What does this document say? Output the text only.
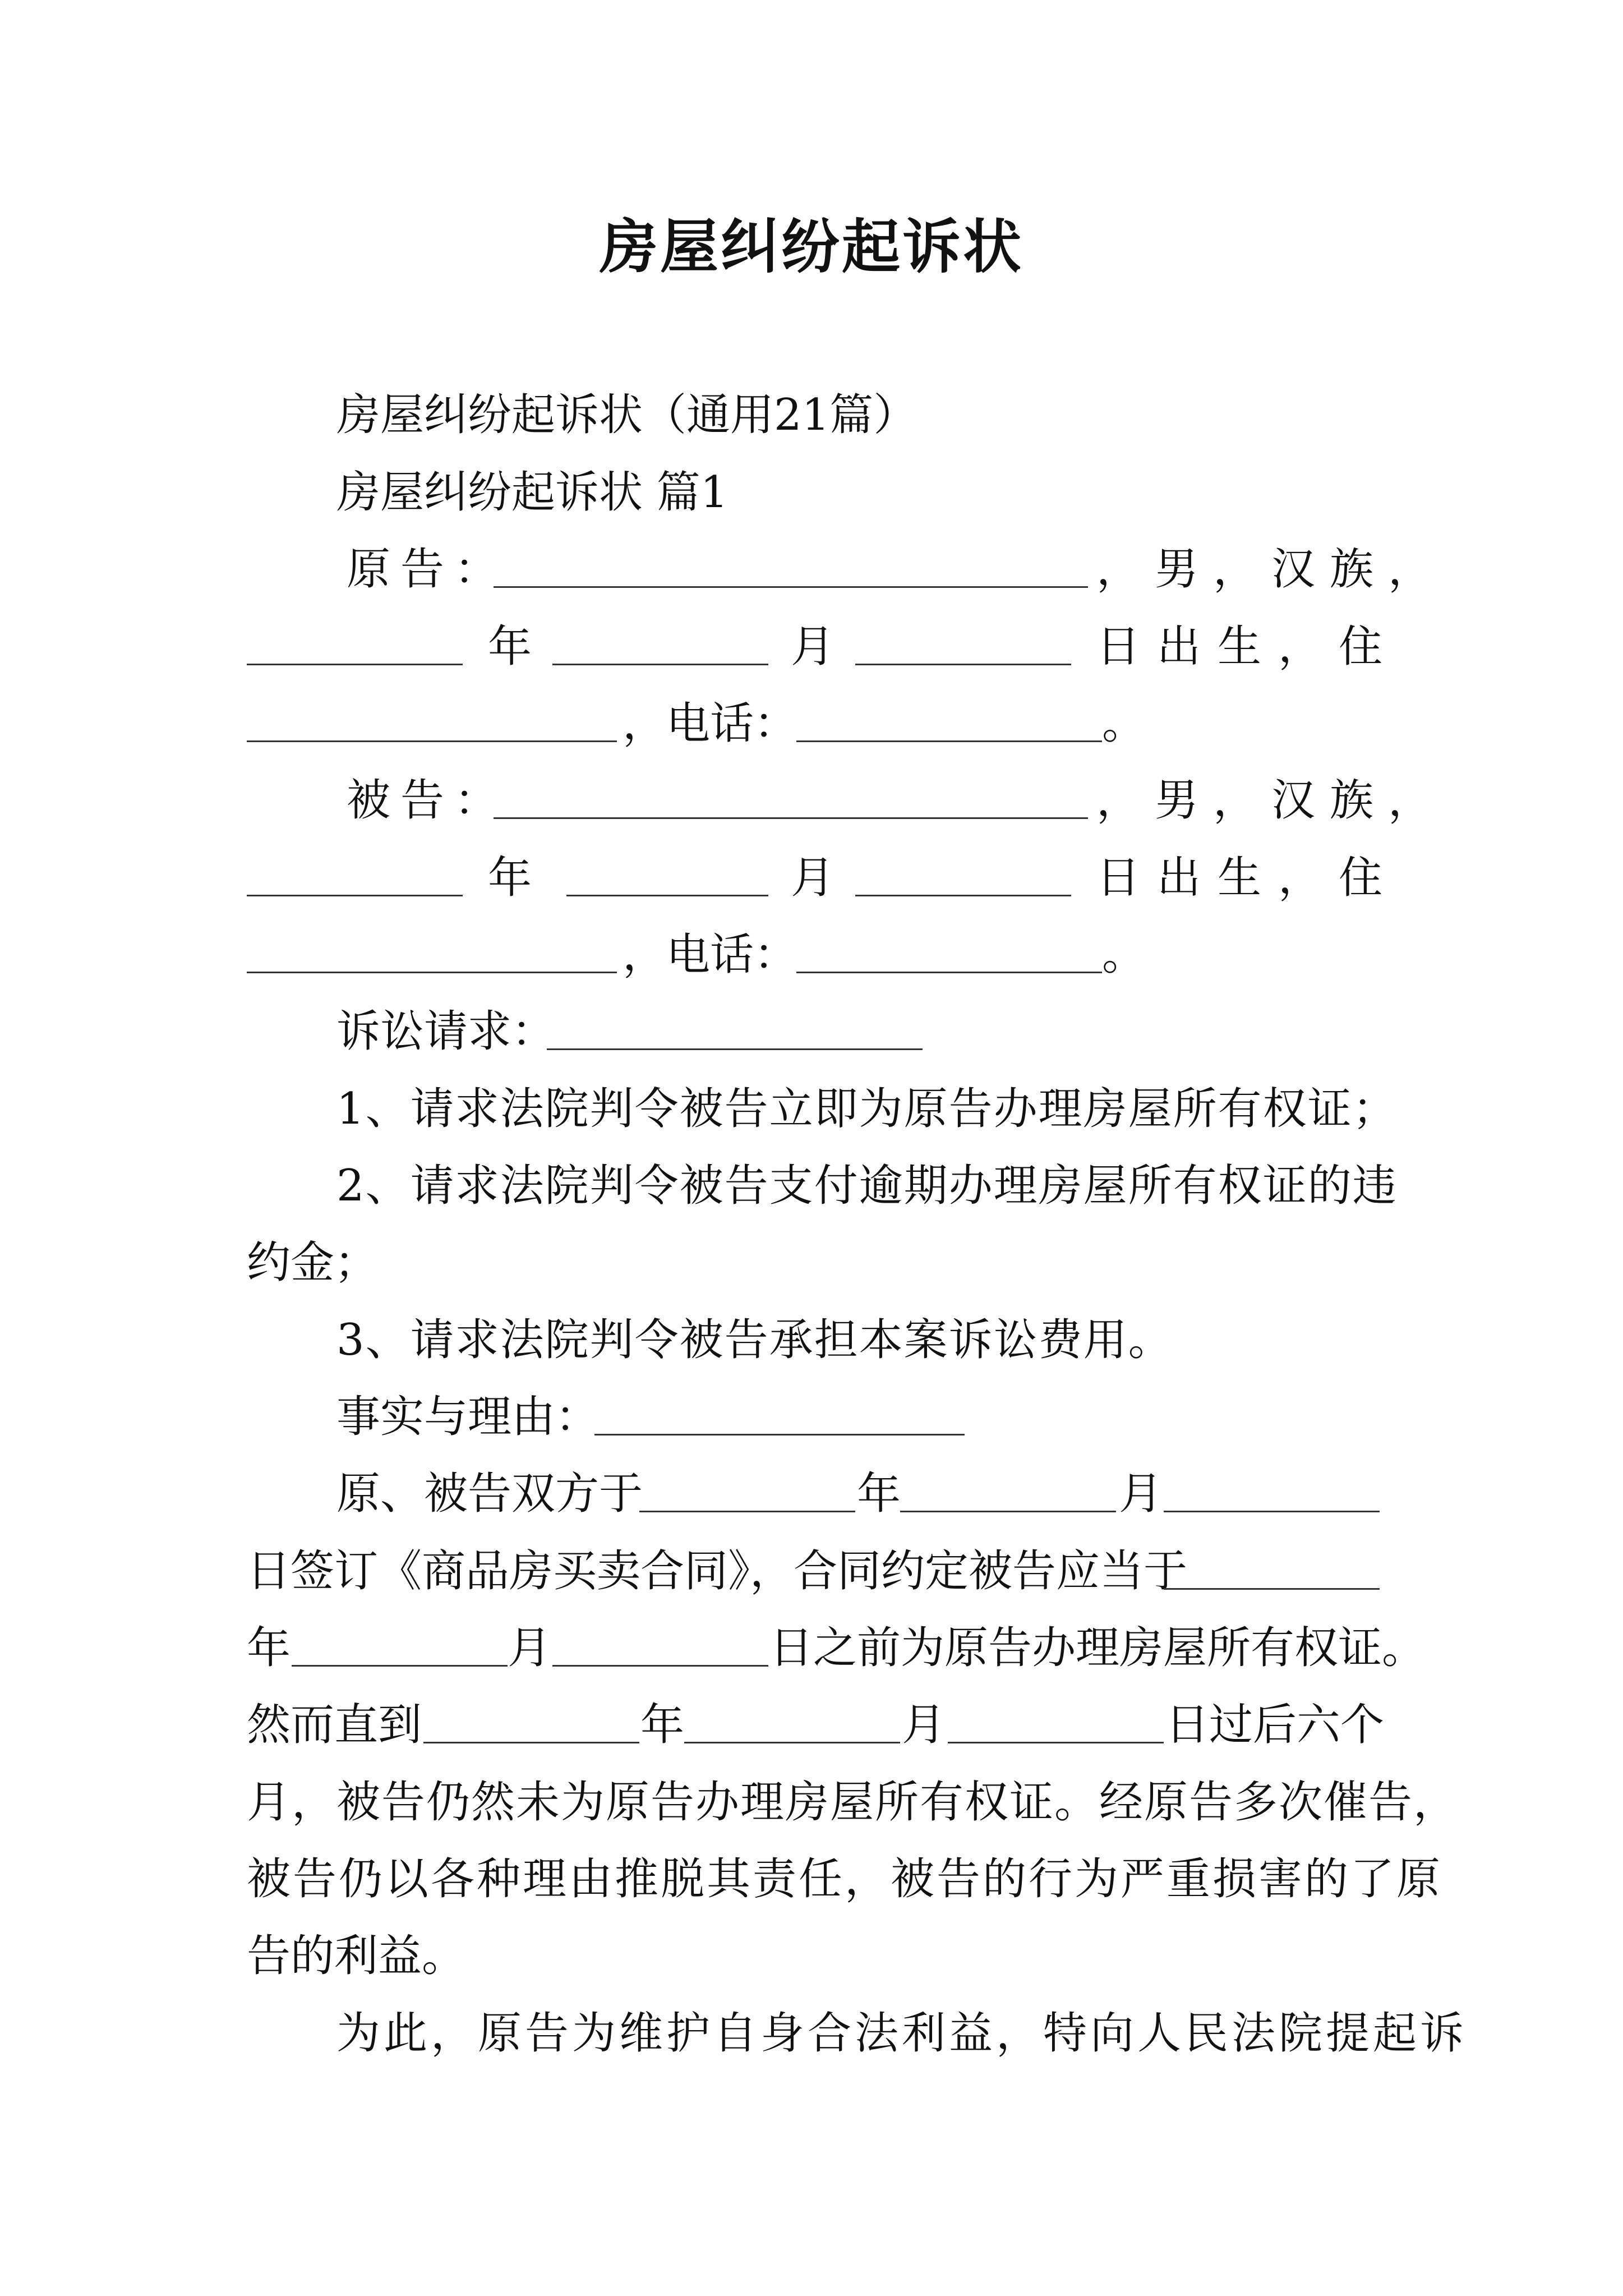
房屋纠纷起诉状
房屋纠纷起诉状（通用21篇）
房屋纠纷起诉状 篇1
原告：	，男，汉族，
年	月	日出生，住
，电话：	。
被告：	，男，汉族，
年	月	日出生，住
，电话：	。
诉讼请求：
1、请求法院判令被告立即为原告办理房屋所有权证；
2、请求法院判令被告支付逾期办理房屋所有权证的违
约金；
3、请求法院判令被告承担本案诉讼费用。
事实与理由：
原、被告双方于	年	月
日签订《商品房买卖合同》，合同约定被告应当于
年	月	日之前为原告办理房屋所有权证。
然而直到	年	月	日过后六个
月，被告仍然未为原告办理房屋所有权证。经原告多次催告，
被告仍以各种理由推脱其责任，被告的行为严重损害的了原
告的利益。
为此，原告为维护自身合法利益，特向人民法院提起诉
